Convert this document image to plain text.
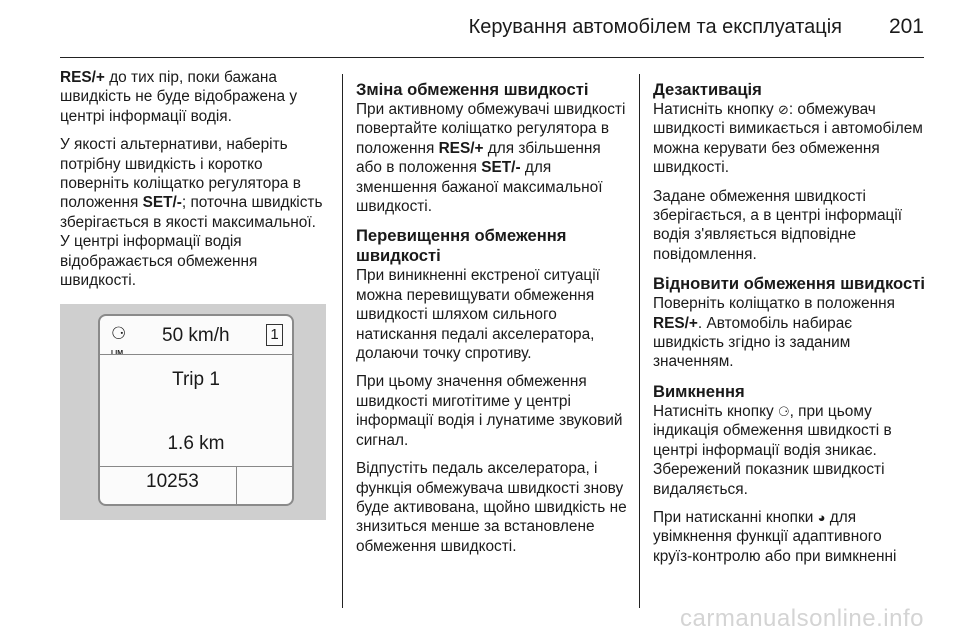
Керування автомобілем та експлуатація 201

RES/+ до тих пір, поки бажана швидкість не буде відображена у центрі інформації водія.

У якості альтернативи, наберіть потрібну швидкість і коротко поверніть коліщатко регулятора в положення SET/-; поточна швидкість зберігається в якості максимальної. У центрі інформації водія відображається обмеження швидкості.

⚆ 50 km/h	1
Trip 1
1.6 km
10253
Зміна обмеження швидкості

При активному обмежувачі швидкості повертайте коліщатко регулятора в положення RES/+ для збільшення або в положення SET/- для зменшення бажаної максимальної швидкості.

Перевищення обмеження швидкості

При виникненні екстреної ситуації можна перевищувати обмеження швидкості шляхом сильного натискання педалі акселератора, долаючи точку спротиву.

При цьому значення обмеження швидкості миготітиме у центрі інформації водія і лунатиме звуковий сигнал.

Відпустіть педаль акселератора, і функція обмежувача швидкості знову буде активована, щойно швидкість не знизиться менше за встановлене обмеження швидкості.

Дезактивація

Натисніть кнопку ⊘: обмежувач швидкості вимикається і автомобілем можна керувати без обмеження швидкості.

Задане обмеження швидкості зберігається, а в центрі інформації водія з'являється відповідне повідомлення.

Відновити обмеження швидкості

Поверніть коліщатко в положення RES/+. Автомобіль набирає швидкість згідно із заданим значенням.

Вимкнення

Натисніть кнопку ⚆, при цьому індикація обмеження швидкості в центрі інформації водія зникає. Збережений показник швидкості видаляється.

При натисканні кнопки ◕ для увімкнення функції адаптивного круїз-контролю або при вимкненні

carmanualsonline.info
